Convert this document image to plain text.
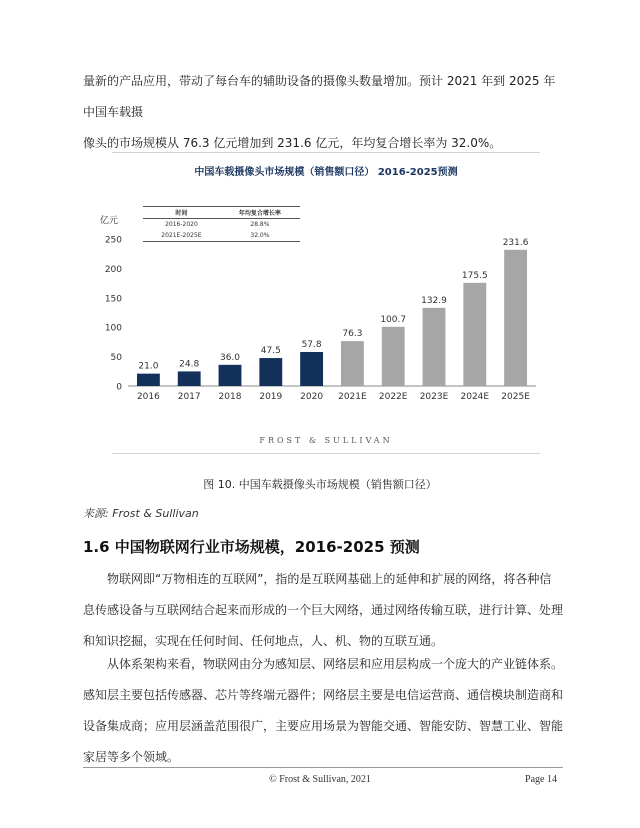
量新的产品应用，带动了每台车的辅助设备的摄像头数量增加。预计 2021 年到 2025 年中国车载摄
像头的市场规模从 76.3 亿元增加到 231.6 亿元，年均复合增长率为 32.0%。
中国车载摄像头市场规模（销售额口径） 2016-2025预测
亿元
时间	年均复合增长率
2016-2020	28.8%
2021E-2025E	32.0%
0
50
100
150
200
250
21.0
2016
24.8
2017
36.0
2018
47.5
2019
57.8
2020
76.3
2021E
100.7
2022E
132.9
2023E
175.5
2024E
231.6
2025E
FROST & SULLIVAN
图 10. 中国车载摄像头市场规模（销售额口径）
来源: Frost & Sullivan
1.6 中国物联网行业市场规模，2016-2025 预测
物联网即“万物相连的互联网”，指的是互联网基础上的延伸和扩展的网络，将各种信息传感设备与互联网结合起来而形成的一个巨大网络，通过网络传输互联，进行计算、处理和知识挖掘，实现在任何时间、任何地点，人、机、物的互联互通。
从体系架构来看，物联网由分为感知层、网络层和应用层构成一个庞大的产业链体系。感知层主要包括传感器、芯片等终端元器件；网络层主要是电信运营商、通信模块制造商和设备集成商；应用层涵盖范围很广，主要应用场景为智能交通、智能安防、智慧工业、智能家居等多个领域。
© Frost & Sullivan, 2021	Page 14
